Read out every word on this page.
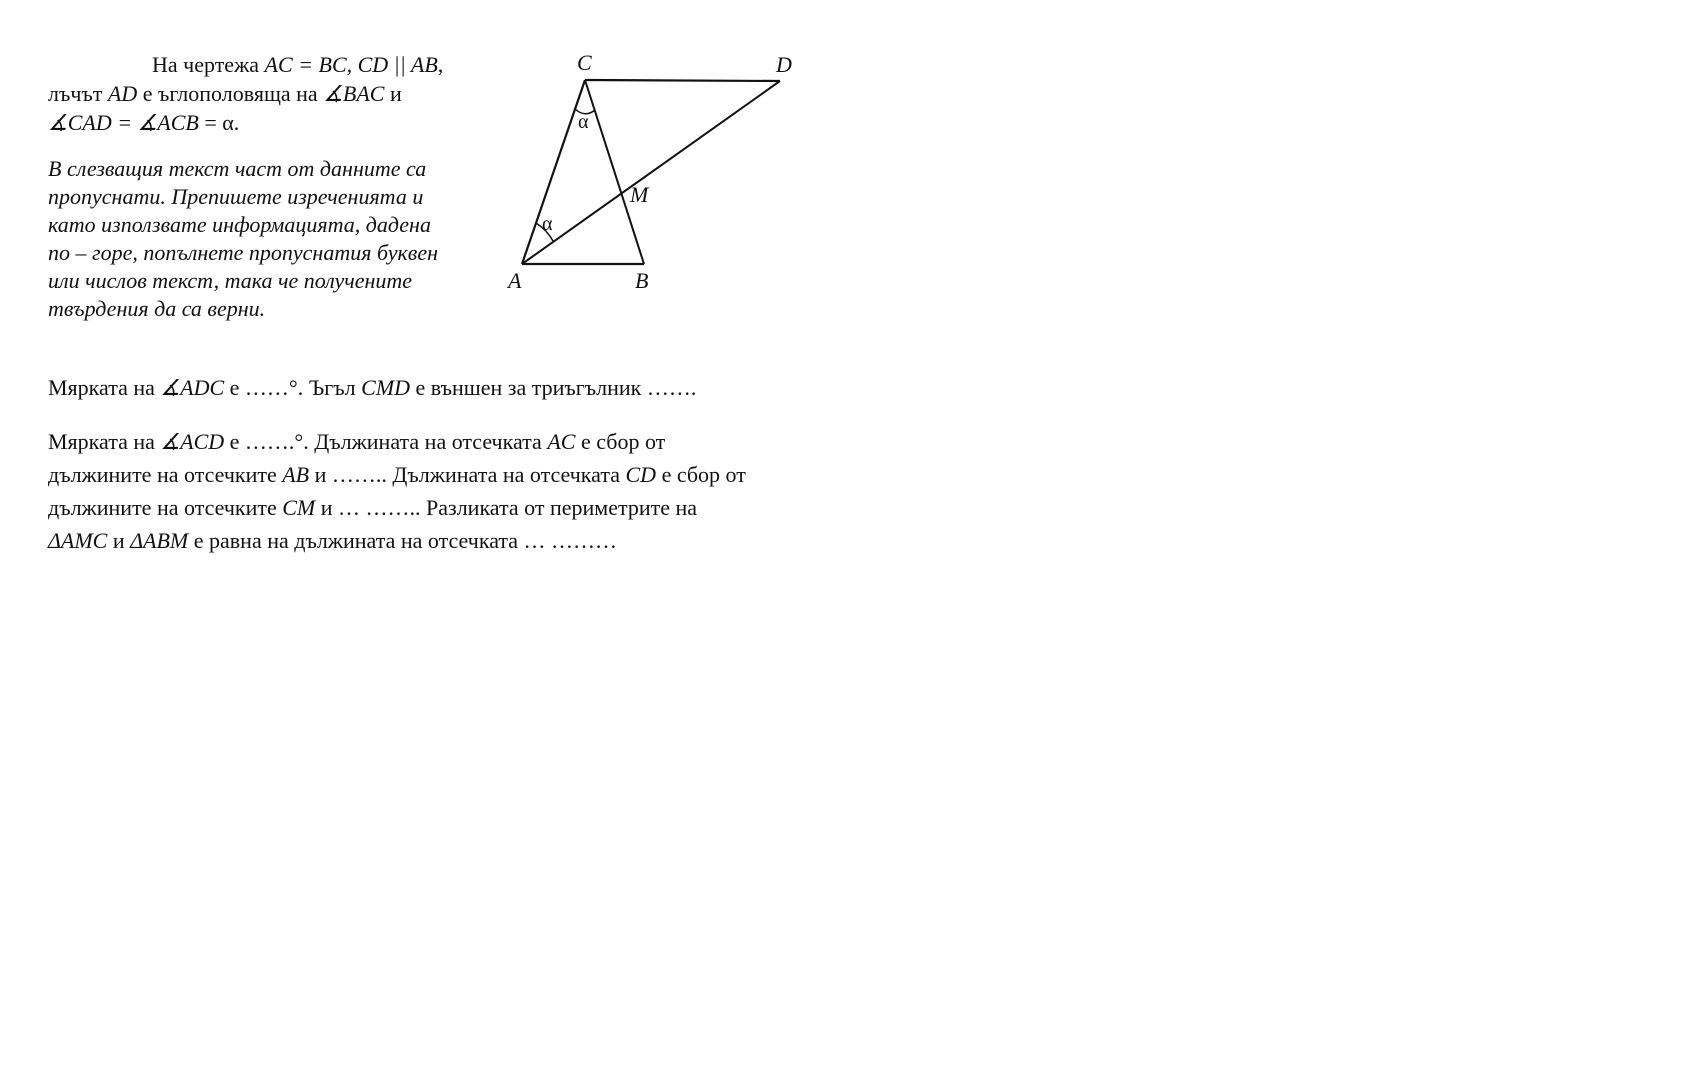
На чертежа AC = BC, CD || AB,
лъчът AD е ъглополовяща на ∡BAC и
∡CAD = ∡ACB = α.
В слезващия текст част от данните са
пропуснати. Препишете изреченията и
като използвате информацията, дадена
по – горе, попълнете пропуснатия буквен
или числов текст, така че получените
твърдения да са верни.
C	D
A	B
M
α
α
Мярката на ∡ADC е ……°. Ъгъл CMD е външен за триъгълник …….
Мярката на ∡ACD е …….°. Дължината на отсечката AC е сбор от
дължините на отсечките AB и …….. Дължината на отсечката CD е сбор от
дължините на отсечките CM и … …….. Разликата от периметрите на
ΔAMC и ΔABM е равна на дължината на отсечката … ………
